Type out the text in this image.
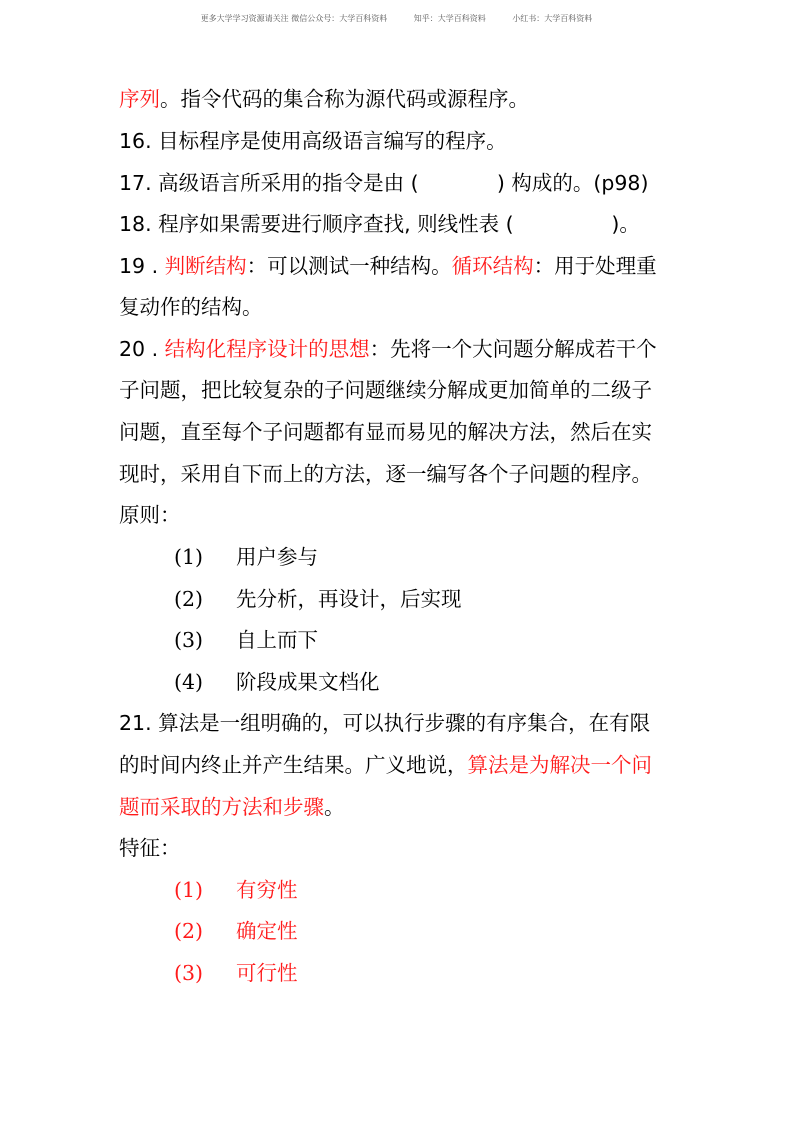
更多大学学习资源请关注 微信公众号：大学百科资料	知乎：大学百科资料	小红书：大学百科资料
序列。指令代码的集合称为源代码或源程序。
16. 目标程序是使用高级语言编写的程序。
17. 高级语言所采用的指令是由 (            ) 构成的。(p98)
18. 程序如果需要进行顺序查找, 则线性表 (               )。
19 . 判断结构：可以测试一种结构。循环结构：用于处理重
复动作的结构。
20 . 结构化程序设计的思想：先将一个大问题分解成若干个
子问题，把比较复杂的子问题继续分解成更加简单的二级子
问题，直至每个子问题都有显而易见的解决方法，然后在实
现时，采用自下而上的方法，逐一编写各个子问题的程序。
原则：
(1) 用户参与
(2) 先分析，再设计，后实现
(3) 自上而下
(4) 阶段成果文档化
21. 算法是一组明确的，可以执行步骤的有序集合，在有限
的时间内终止并产生结果。广义地说，算法是为解决一个问
题而采取的方法和步骤。
特征：
(1) 有穷性
(2) 确定性
(3) 可行性
